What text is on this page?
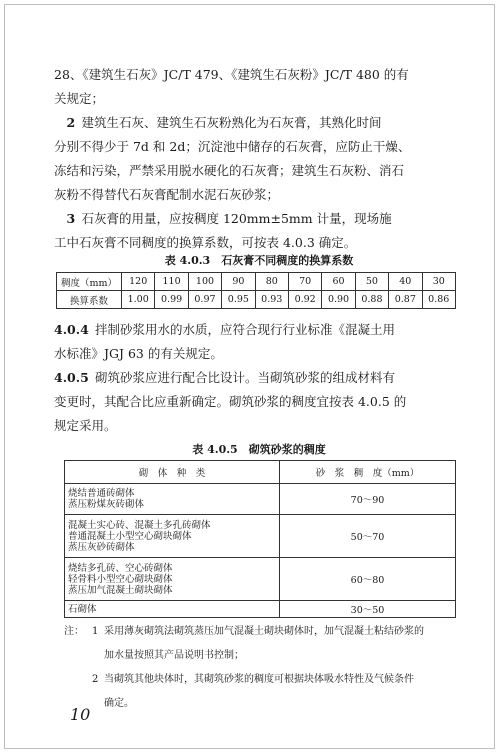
28、《建筑生石灰》JC/T 479、《建筑生石灰粉》JC/T 480 的有
关规定；

　2  建筑生石灰、建筑生石灰粉熟化为石灰膏，其熟化时间
分别不得少于 7d 和 2d；沉淀池中储存的石灰膏，应防止干燥、
冻结和污染，严禁采用脱水硬化的石灰膏；建筑生石灰粉、消石
灰粉不得替代石灰膏配制水泥石灰砂浆；

　3  石灰膏的用量，应按稠度 120mm±5mm 计量，现场施
工中石灰膏不同稠度的换算系数，可按表 4.0.3 确定。

表 4.0.3　石灰膏不同稠度的换算系数
稠度（mm）	120	110	100	90	80	70	60	50	40	30
换算系数	1.00	0.99	0.97	0.95	0.93	0.92	0.90	0.88	0.87	0.86

4.0.4  拌制砂浆用水的水质，应符合现行行业标准《混凝土用
水标准》JGJ 63 的有关规定。

4.0.5  砌筑砂浆应进行配合比设计。当砌筑砂浆的组成材料有
变更时，其配合比应重新确定。砌筑砂浆的稠度宜按表 4.0.5 的
规定采用。

表 4.0.5　砌筑砂浆的稠度
砌　体　种　类	砂　浆　稠　度（mm）
烧结普通砖砌体
蒸压粉煤灰砖砌体	70～90
混凝土实心砖、混凝土多孔砖砌体
普通混凝土小型空心砌块砌体
蒸压灰砂砖砌体	50～70
烧结多孔砖、空心砖砌体
轻骨料小型空心砌块砌体
蒸压加气混凝土砌块砌体	60～80
石砌体	30～50
注： 1 采用薄灰砌筑法砌筑蒸压加气混凝土砌块砌体时，加气混凝土粘结砂浆的
加水量按照其产品说明书控制；
2 当砌筑其他块体时，其砌筑砂浆的稠度可根据块体吸水特性及气候条件
确定。
10
